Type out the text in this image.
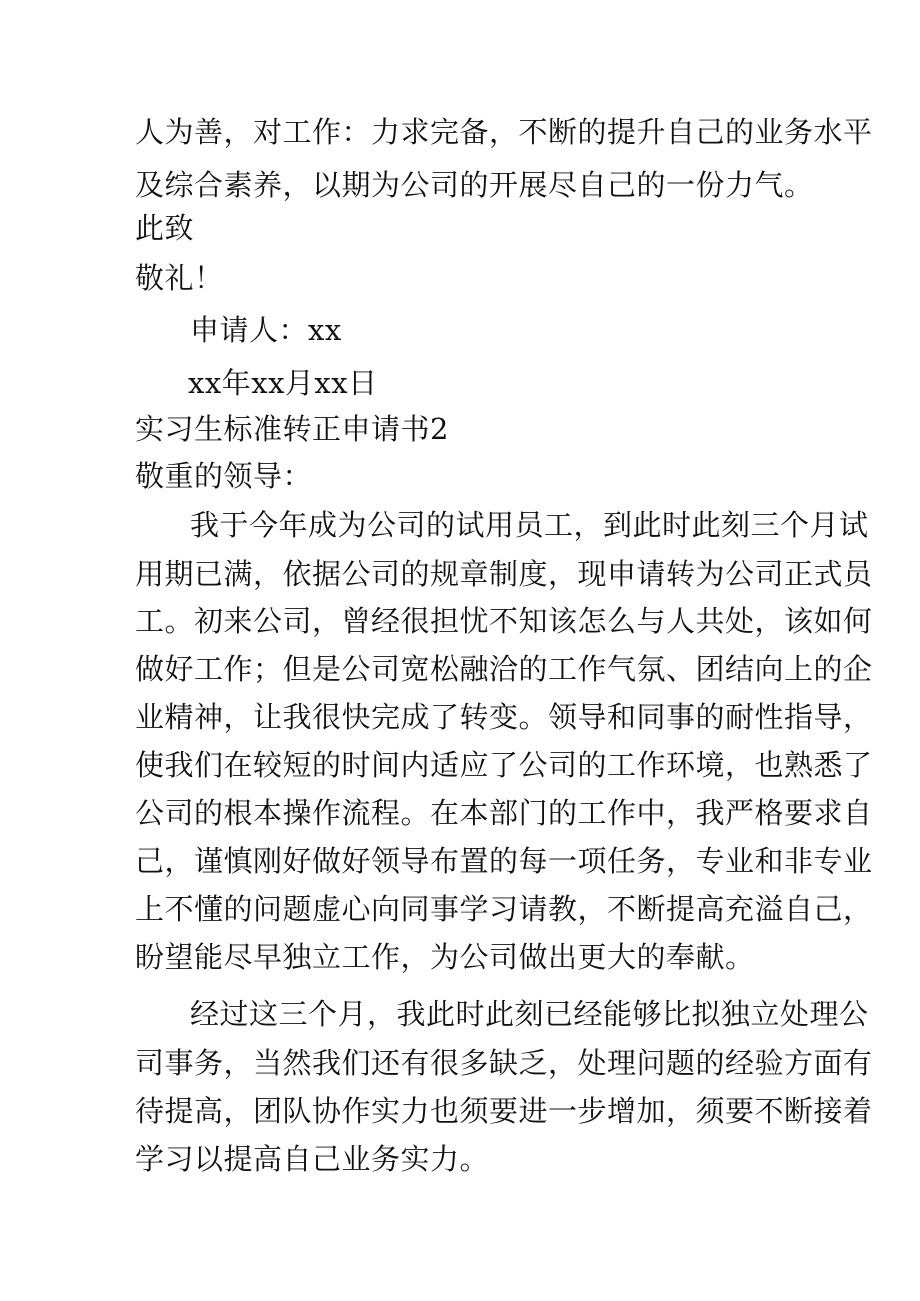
人为善，对工作：力求完备，不断的提升自己的业务水平
及综合素养，以期为公司的开展尽自己的一份力气。
此致
敬礼！
申请人：xx
xx年xx月xx日
实习生标准转正申请书2
敬重的领导：
我于今年成为公司的试用员工，到此时此刻三个月试
用期已满，依据公司的规章制度，现申请转为公司正式员
工。初来公司，曾经很担忧不知该怎么与人共处，该如何
做好工作；但是公司宽松融洽的工作气氛、团结向上的企
业精神，让我很快完成了转变。领导和同事的耐性指导，
使我们在较短的时间内适应了公司的工作环境，也熟悉了
公司的根本操作流程。在本部门的工作中，我严格要求自
己，谨慎刚好做好领导布置的每一项任务，专业和非专业
上不懂的问题虚心向同事学习请教，不断提高充溢自己，
盼望能尽早独立工作，为公司做出更大的奉献。
经过这三个月，我此时此刻已经能够比拟独立处理公
司事务，当然我们还有很多缺乏，处理问题的经验方面有
待提高，团队协作实力也须要进一步增加，须要不断接着
学习以提高自己业务实力。
